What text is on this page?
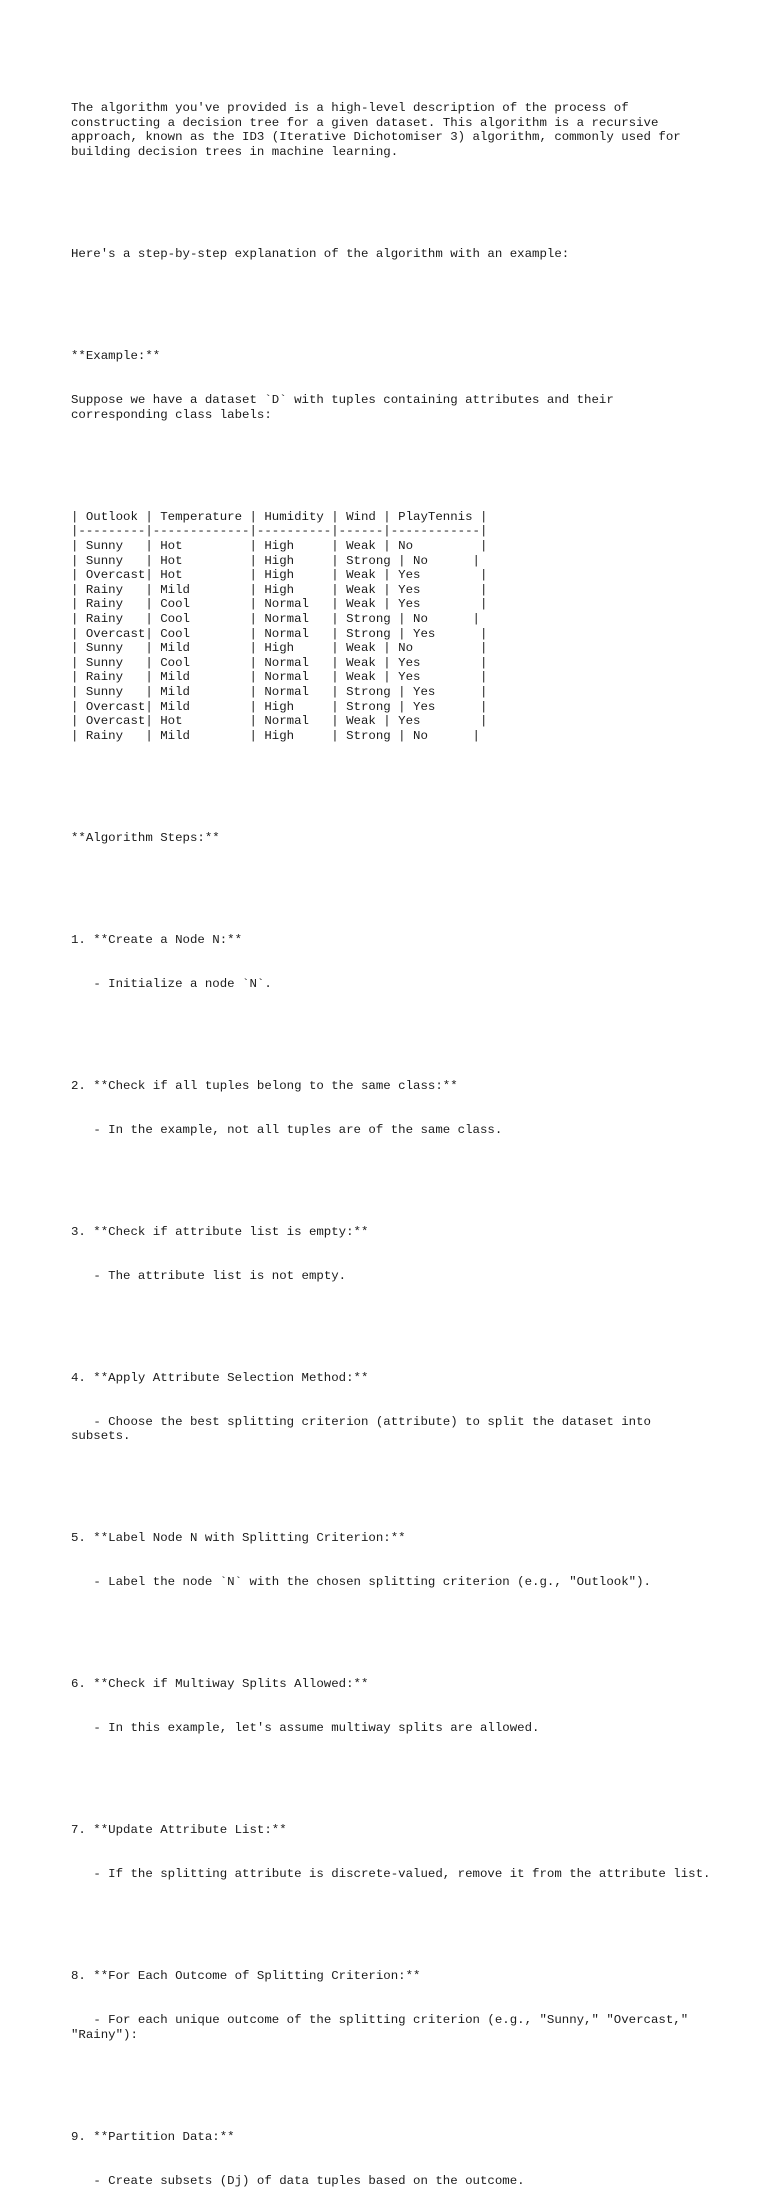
The algorithm you've provided is a high-level description of the process of constructing a decision tree for a given dataset. This algorithm is a recursive approach, known as the ID3 (Iterative Dichotomiser 3) algorithm, commonly used for building decision trees in machine learning.

Here's a step-by-step explanation of the algorithm with an example:

**Example:**

Suppose we have a dataset `D` with tuples containing attributes and their corresponding class labels:

| Outlook | Temperature | Humidity | Wind | PlayTennis |
|---------|-------------|----------|------|------------|
| Sunny   | Hot         | High     | Weak | No         |
| Sunny   | Hot         | High     | Strong | No      |
| Overcast| Hot         | High     | Weak | Yes        |
| Rainy   | Mild        | High     | Weak | Yes        |
| Rainy   | Cool        | Normal   | Weak | Yes        |
| Rainy   | Cool        | Normal   | Strong | No      |
| Overcast| Cool        | Normal   | Strong | Yes      |
| Sunny   | Mild        | High     | Weak | No         |
| Sunny   | Cool        | Normal   | Weak | Yes        |
| Rainy   | Mild        | Normal   | Weak | Yes        |
| Sunny   | Mild        | Normal   | Strong | Yes      |
| Overcast| Mild        | High     | Strong | Yes      |
| Overcast| Hot         | Normal   | Weak | Yes        |
| Rainy   | Mild        | High     | Strong | No      |

**Algorithm Steps:**

1. **Create a Node N:**

- Initialize a node `N`.

2. **Check if all tuples belong to the same class:**

- In the example, not all tuples are of the same class.

3. **Check if attribute list is empty:**

- The attribute list is not empty.

4. **Apply Attribute Selection Method:**

- Choose the best splitting criterion (attribute) to split the dataset into subsets.

5. **Label Node N with Splitting Criterion:**

- Label the node `N` with the chosen splitting criterion (e.g., "Outlook").

6. **Check if Multiway Splits Allowed:**

- In this example, let's assume multiway splits are allowed.

7. **Update Attribute List:**

- If the splitting attribute is discrete-valued, remove it from the attribute list.

8. **For Each Outcome of Splitting Criterion:**

- For each unique outcome of the splitting criterion (e.g., "Sunny," "Overcast," "Rainy"):

9. **Partition Data:**

- Create subsets (Dj) of data tuples based on the outcome.
